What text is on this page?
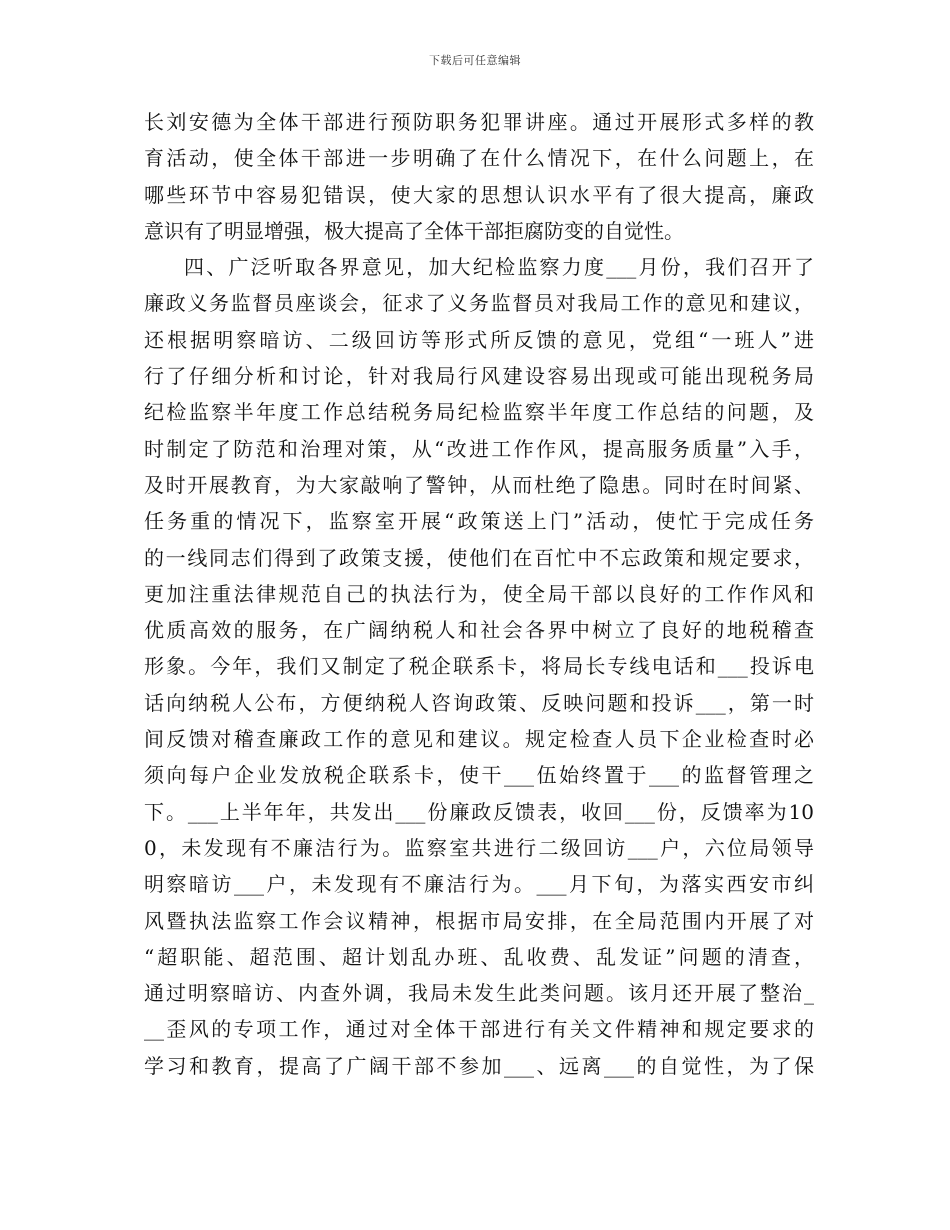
下载后可任意编辑
长刘安德为全体干部进行预防职务犯罪讲座。通过开展形式多样的教
育活动，使全体干部进一步明确了在什么情况下，在什么问题上，在
哪些环节中容易犯错误，使大家的思想认识水平有了很大提高，廉政
意识有了明显增强，极大提高了全体干部拒腐防变的自觉性。
四、广泛听取各界意见，加大纪检监察力度___月份，我们召开了
廉政义务监督员座谈会，征求了义务监督员对我局工作的意见和建议，
还根据明察暗访、二级回访等形式所反馈的意见，党组“一班人”进
行了仔细分析和讨论，针对我局行风建设容易出现或可能出现税务局
纪检监察半年度工作总结税务局纪检监察半年度工作总结的问题，及
时制定了防范和治理对策，从“改进工作作风，提高服务质量”入手，
及时开展教育，为大家敲响了警钟，从而杜绝了隐患。同时在时间紧、
任务重的情况下，监察室开展“政策送上门”活动，使忙于完成任务
的一线同志们得到了政策支援，使他们在百忙中不忘政策和规定要求，
更加注重法律规范自己的执法行为，使全局干部以良好的工作作风和
优质高效的服务，在广阔纳税人和社会各界中树立了良好的地税稽查
形象。今年，我们又制定了税企联系卡，将局长专线电话和___投诉电
话向纳税人公布，方便纳税人咨询政策、反映问题和投诉___，第一时
间反馈对稽查廉政工作的意见和建议。规定检查人员下企业检查时必
须向每户企业发放税企联系卡，使干___伍始终置于___的监督管理之
下。___上半年年，共发出___份廉政反馈表，收回___份，反馈率为10
0，未发现有不廉洁行为。监察室共进行二级回访___户，六位局领导
明察暗访___户，未发现有不廉洁行为。___月下旬，为落实西安市纠
风暨执法监察工作会议精神，根据市局安排，在全局范围内开展了对
“超职能、超范围、超计划乱办班、乱收费、乱发证”问题的清查，
通过明察暗访、内查外调，我局未发生此类问题。该月还开展了整治_
__歪风的专项工作，通过对全体干部进行有关文件精神和规定要求的
学习和教育，提高了广阔干部不参加___、远离___的自觉性，为了保
